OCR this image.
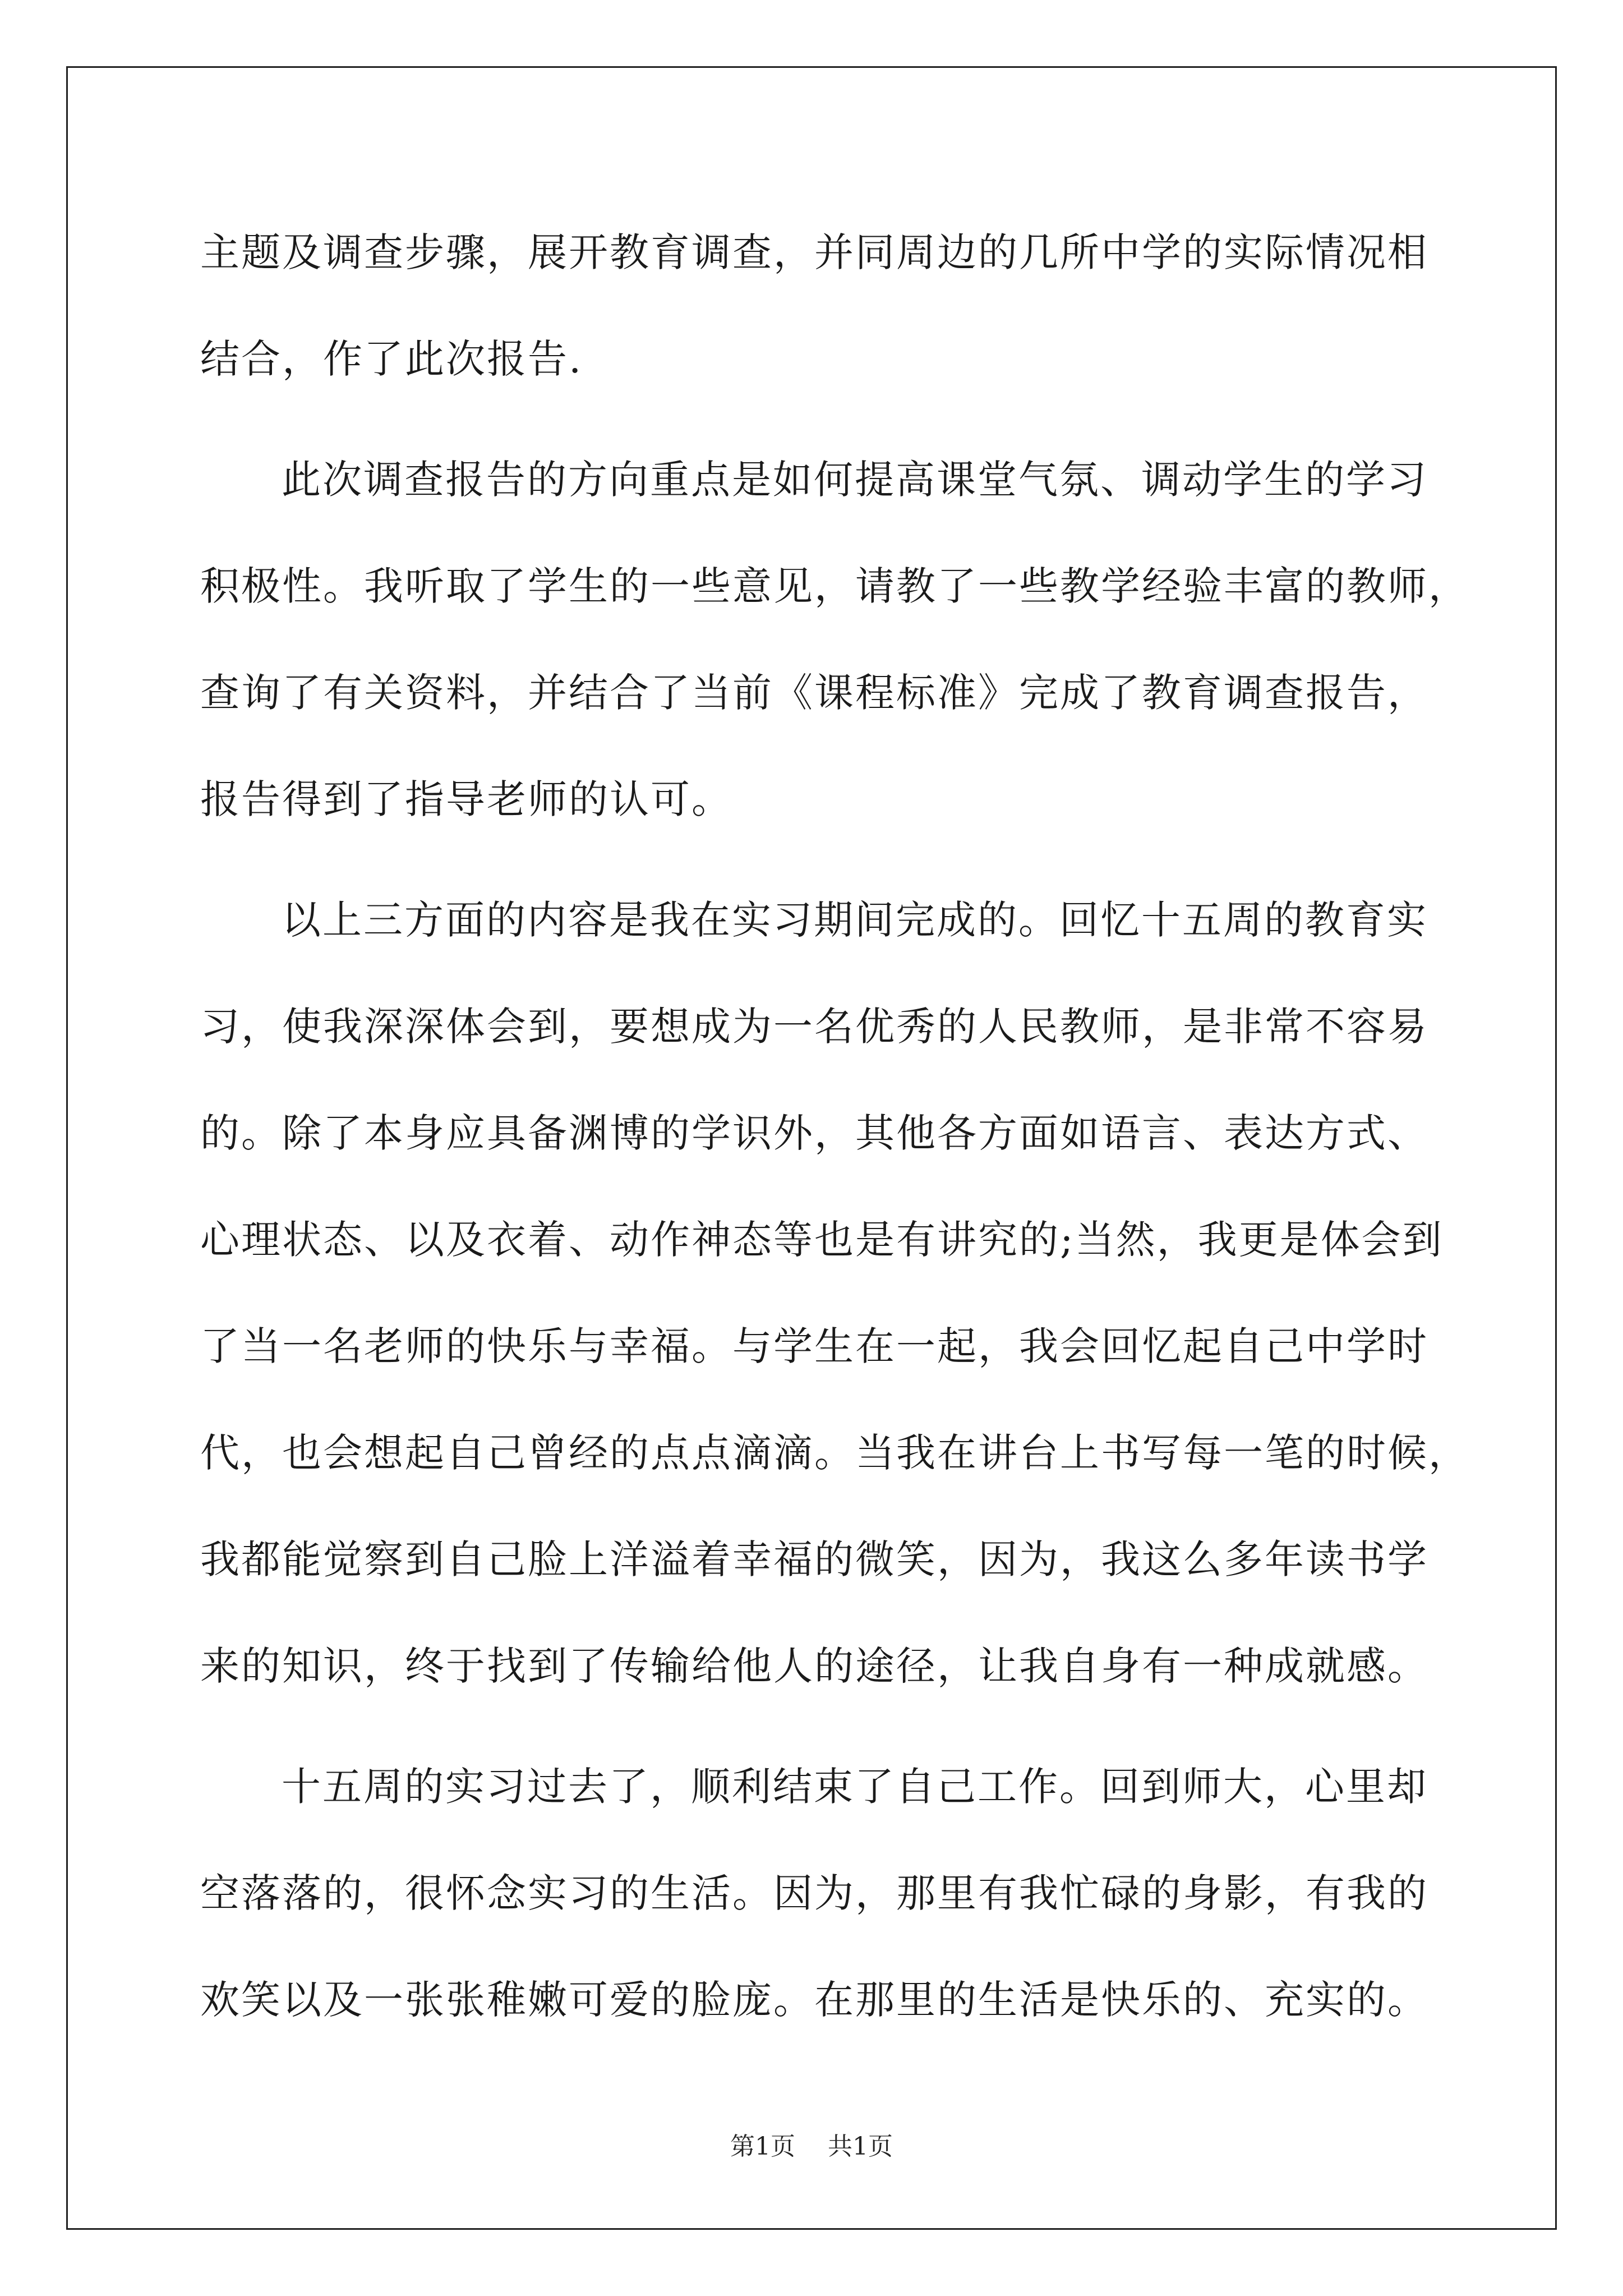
主题及调查步骤，展开教育调查，并同周边的几所中学的实际情况相
结合，作了此次报告.
此次调查报告的方向重点是如何提高课堂气氛、调动学生的学习
积极性。我听取了学生的一些意见，请教了一些教学经验丰富的教师，
查询了有关资料，并结合了当前《课程标准》完成了教育调查报告，
报告得到了指导老师的认可。
以上三方面的内容是我在实习期间完成的。回忆十五周的教育实
习，使我深深体会到，要想成为一名优秀的人民教师，是非常不容易
的。除了本身应具备渊博的学识外，其他各方面如语言、表达方式、
心理状态、以及衣着、动作神态等也是有讲究的;当然，我更是体会到
了当一名老师的快乐与幸福。与学生在一起，我会回忆起自己中学时
代，也会想起自己曾经的点点滴滴。当我在讲台上书写每一笔的时候，
我都能觉察到自己脸上洋溢着幸福的微笑，因为，我这么多年读书学
来的知识，终于找到了传输给他人的途径，让我自身有一种成就感。
十五周的实习过去了，顺利结束了自己工作。回到师大，心里却
空落落的，很怀念实习的生活。因为，那里有我忙碌的身影，有我的
欢笑以及一张张稚嫩可爱的脸庞。在那里的生活是快乐的、充实的。
第1页 共1页
